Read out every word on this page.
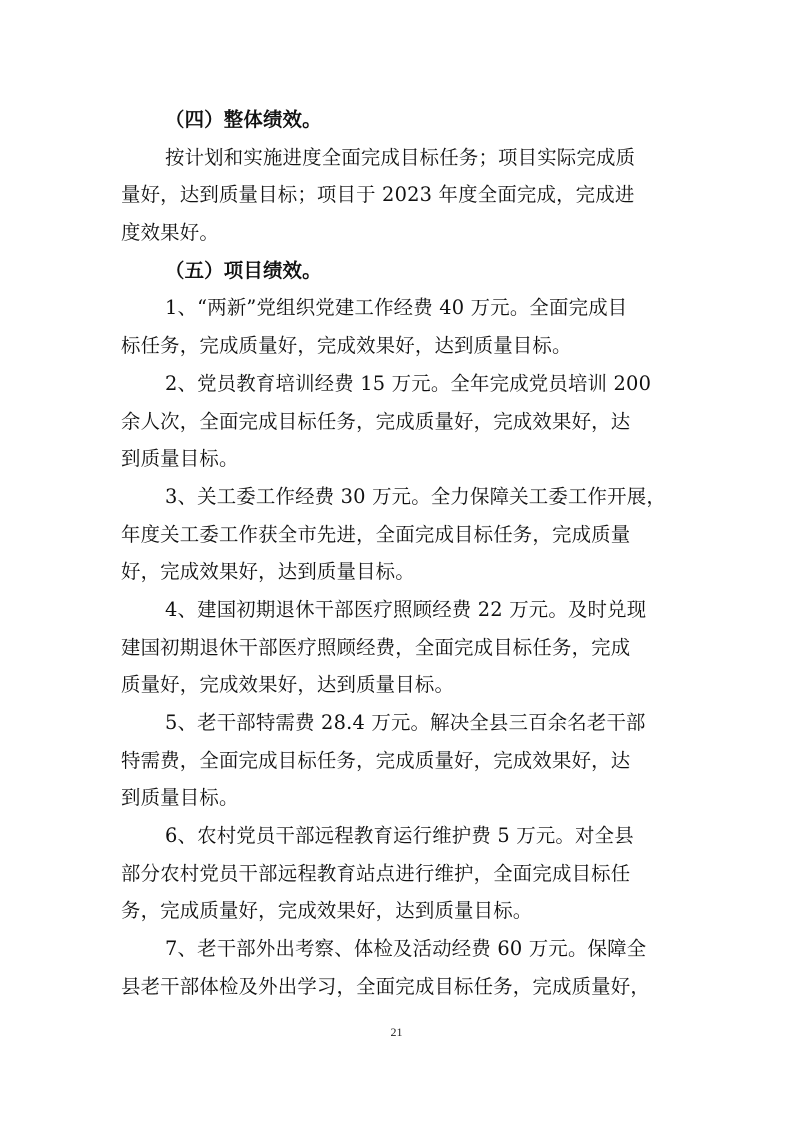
（四）整体绩效。
按计划和实施进度全面完成目标任务；项目实际完成质
量好，达到质量目标；项目于 2023 年度全面完成，完成进
度效果好。
（五）项目绩效。
1、“两新”党组织党建工作经费 40 万元。全面完成目
标任务，完成质量好，完成效果好，达到质量目标。
2、党员教育培训经费 15 万元。全年完成党员培训 200
余人次，全面完成目标任务，完成质量好，完成效果好，达
到质量目标。
3、关工委工作经费 30 万元。全力保障关工委工作开展，
年度关工委工作获全市先进，全面完成目标任务，完成质量
好，完成效果好，达到质量目标。
4、建国初期退休干部医疗照顾经费 22 万元。及时兑现
建国初期退休干部医疗照顾经费，全面完成目标任务，完成
质量好，完成效果好，达到质量目标。
5、老干部特需费 28.4 万元。解决全县三百余名老干部
特需费，全面完成目标任务，完成质量好，完成效果好，达
到质量目标。
6、农村党员干部远程教育运行维护费 5 万元。对全县
部分农村党员干部远程教育站点进行维护，全面完成目标任
务，完成质量好，完成效果好，达到质量目标。
7、老干部外出考察、体检及活动经费 60 万元。保障全
县老干部体检及外出学习，全面完成目标任务，完成质量好，
21
